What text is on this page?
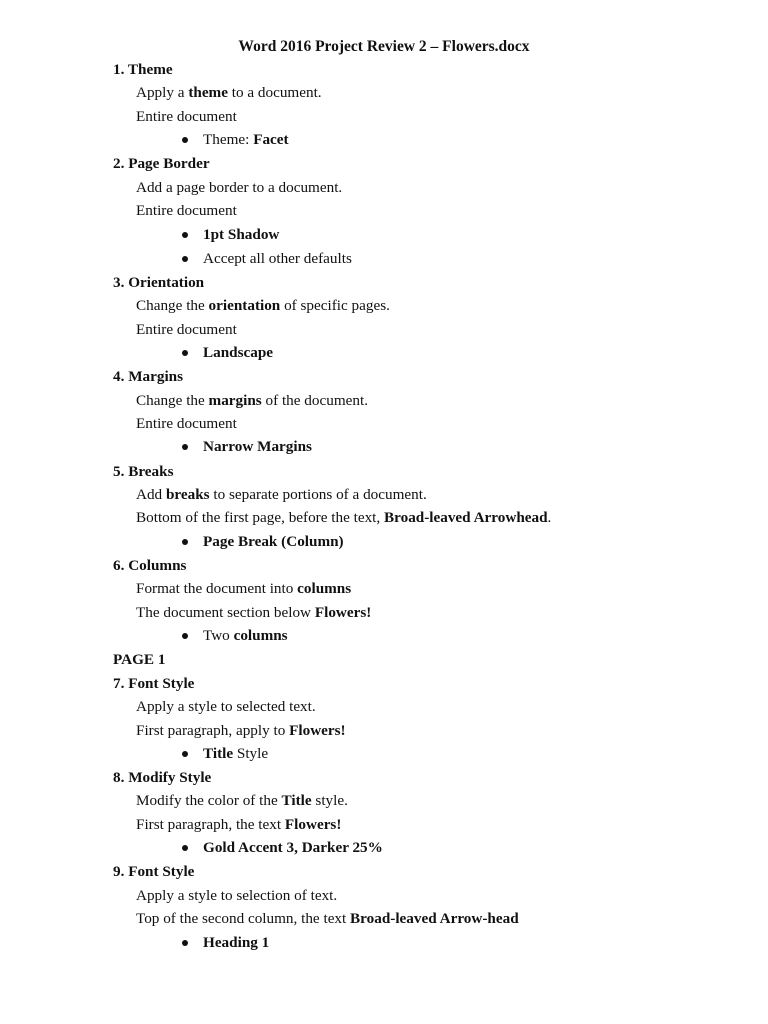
Word 2016 Project Review 2 – Flowers.docx
1. Theme
Apply a theme to a document.
Entire document
Theme: Facet
2. Page Border
Add a page border to a document.
Entire document
1pt Shadow
Accept all other defaults
3. Orientation
Change the orientation of specific pages.
Entire document
Landscape
4. Margins
Change the margins of the document.
Entire document
Narrow Margins
5. Breaks
Add breaks to separate portions of a document.
Bottom of the first page, before the text, Broad-leaved Arrowhead.
Page Break (Column)
6. Columns
Format the document into columns
The document section below Flowers!
Two columns
PAGE 1
7. Font Style
Apply a style to selected text.
First paragraph, apply to Flowers!
Title Style
8. Modify Style
Modify the color of the Title style.
First paragraph, the text Flowers!
Gold Accent 3, Darker 25%
9. Font Style
Apply a style to selection of text.
Top of the second column, the text Broad-leaved Arrow-head
Heading 1
